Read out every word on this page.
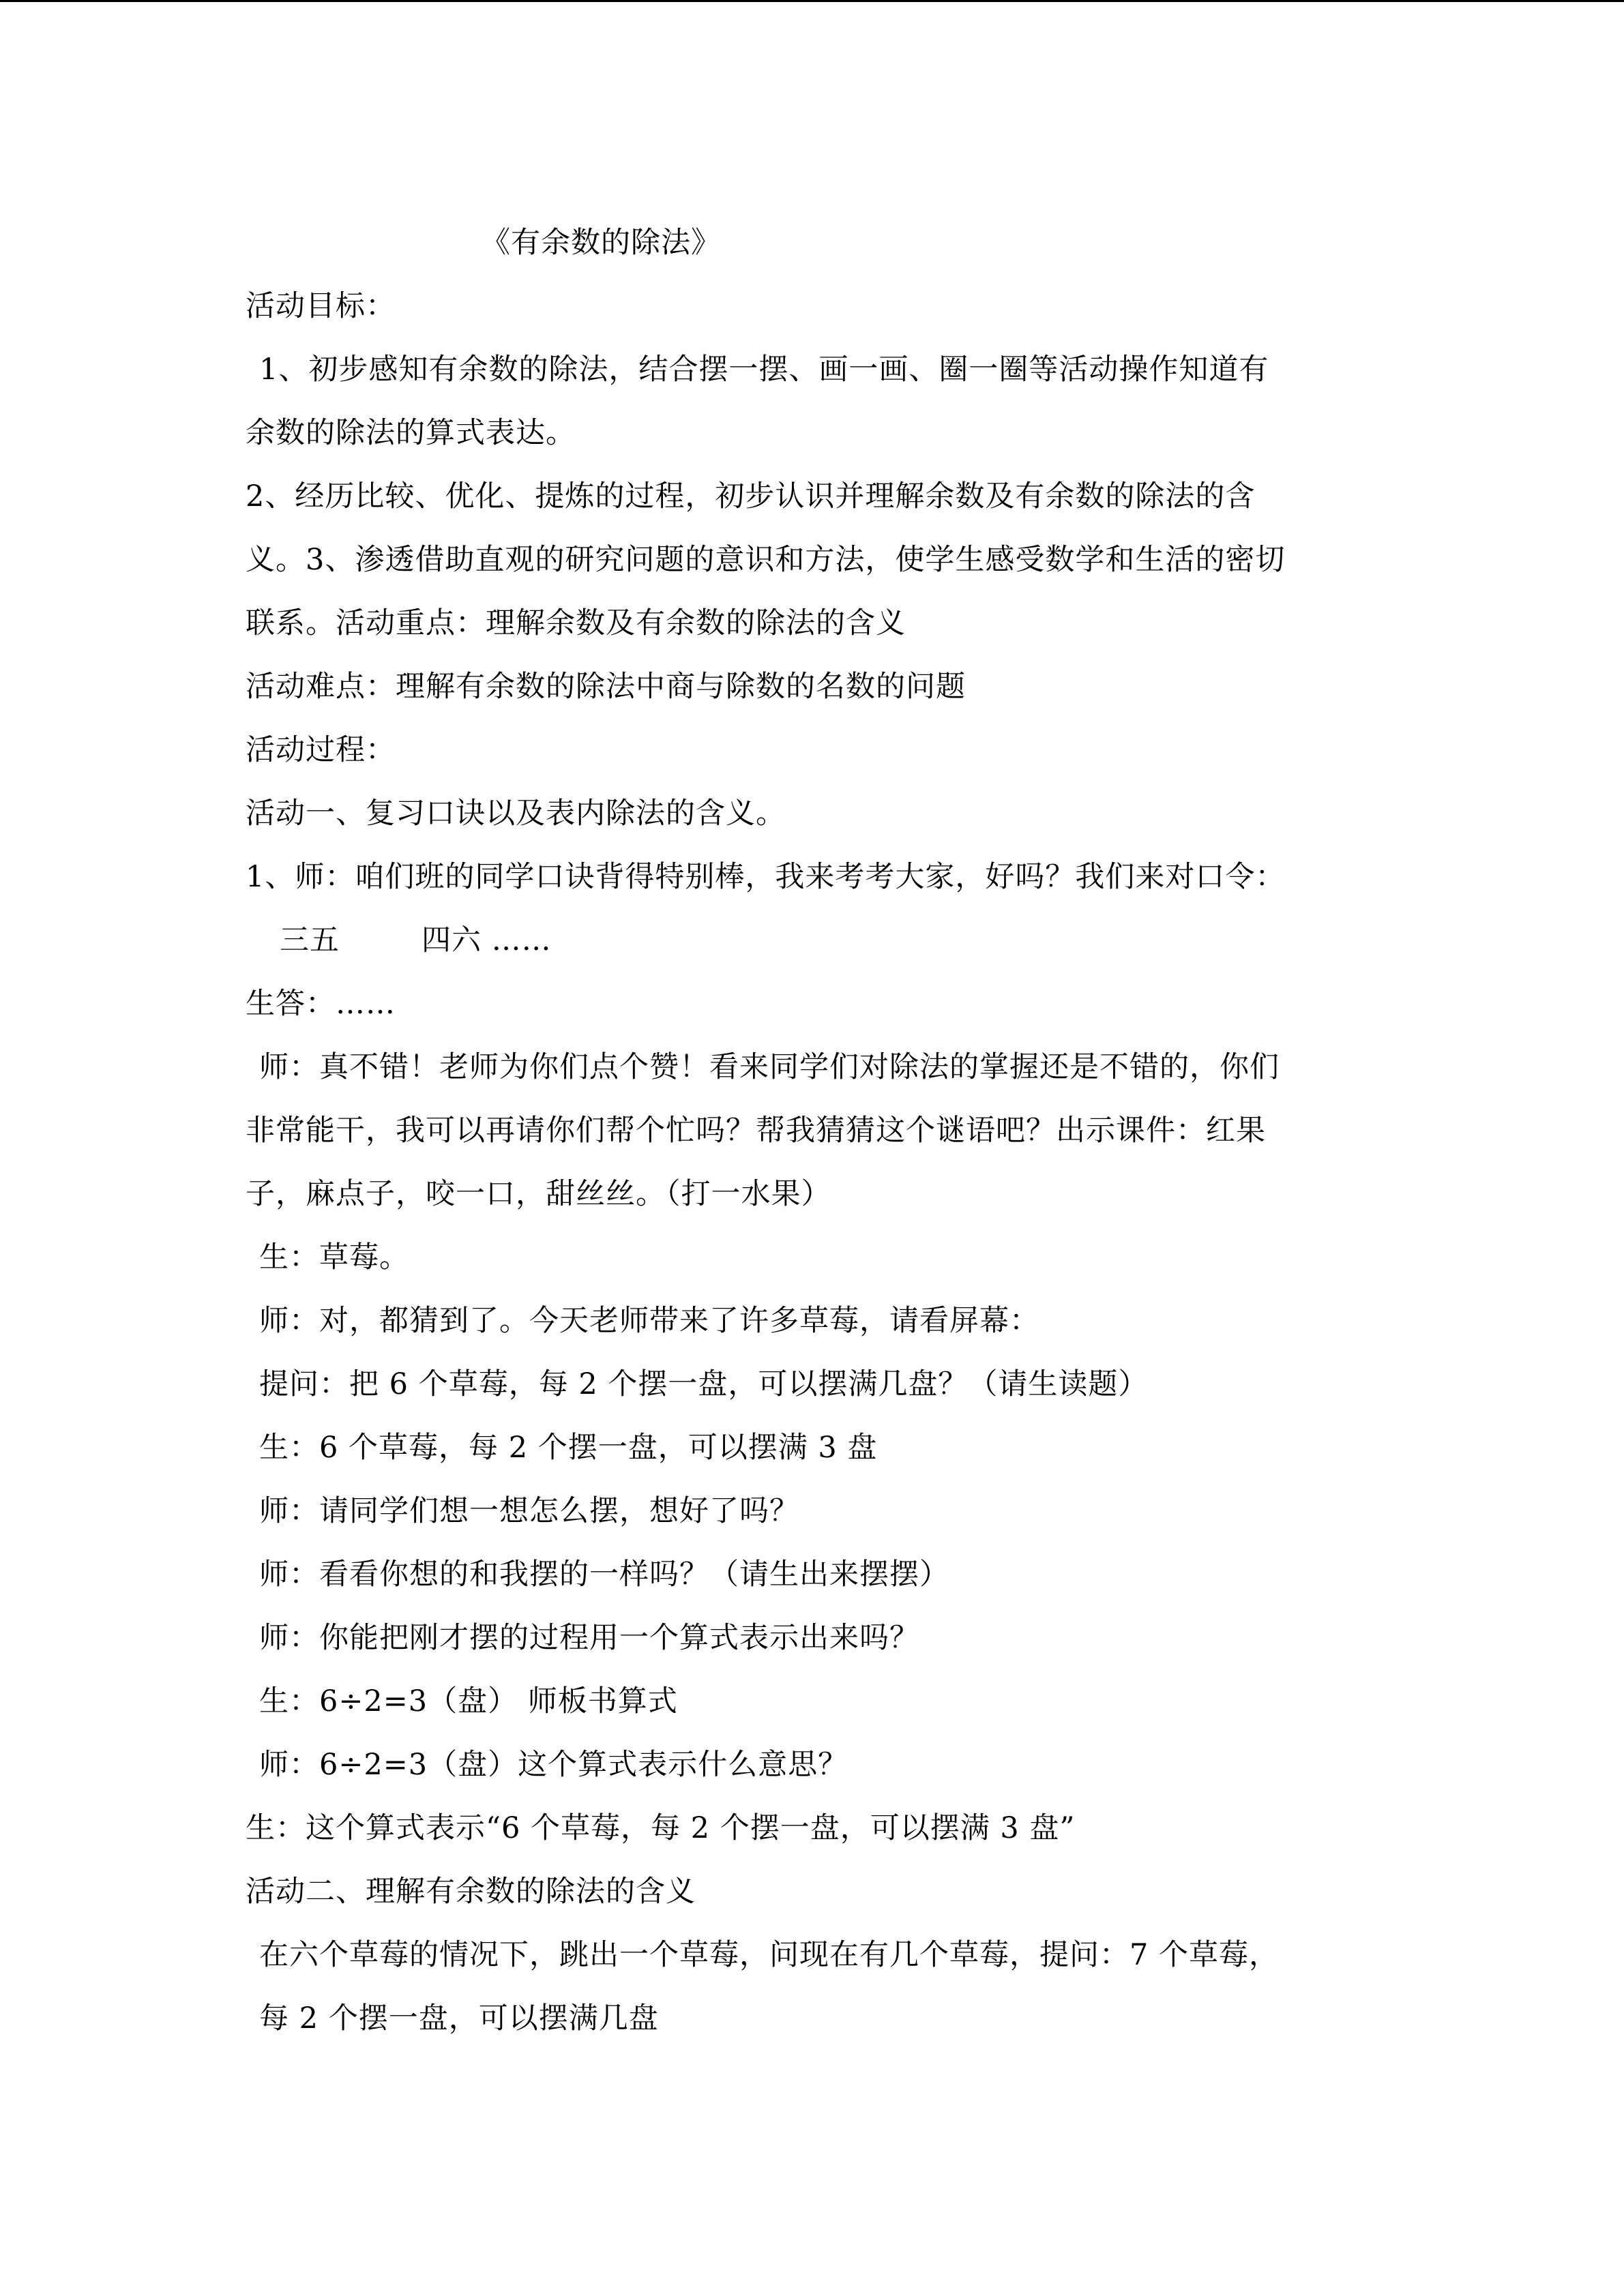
《有余数的除法》
活动目标：
1、初步感知有余数的除法，结合摆一摆、画一画、圈一圈等活动操作知道有
余数的除法的算式表达。
2、经历比较、优化、提炼的过程，初步认识并理解余数及有余数的除法的含
义。3、渗透借助直观的研究问题的意识和方法，使学生感受数学和生活的密切
联系。活动重点：理解余数及有余数的除法的含义
活动难点：理解有余数的除法中商与除数的名数的问题
活动过程：
活动一、复习口诀以及表内除法的含义。
1、师：咱们班的同学口诀背得特别棒，我来考考大家，好吗？我们来对口令：
三五	四六 ……
生答：……
师：真不错！老师为你们点个赞！看来同学们对除法的掌握还是不错的，你们
非常能干，我可以再请你们帮个忙吗？帮我猜猜这个谜语吧？出示课件：红果
子，麻点子，咬一口，甜丝丝。（打一水果）
生：草莓。
师：对，都猜到了。今天老师带来了许多草莓，请看屏幕：
提问：把 6 个草莓，每 2 个摆一盘，可以摆满几盘？（请生读题）
生：6 个草莓，每 2 个摆一盘，可以摆满 3 盘
师：请同学们想一想怎么摆，想好了吗？
师：看看你想的和我摆的一样吗？（请生出来摆摆）
师：你能把刚才摆的过程用一个算式表示出来吗？
生：6÷2=3（盘） 师板书算式
师：6÷2=3（盘）这个算式表示什么意思？
生：这个算式表示“6 个草莓，每 2 个摆一盘，可以摆满 3 盘”
活动二、理解有余数的除法的含义
在六个草莓的情况下，跳出一个草莓，问现在有几个草莓，提问：7 个草莓，
每 2 个摆一盘，可以摆满几盘
